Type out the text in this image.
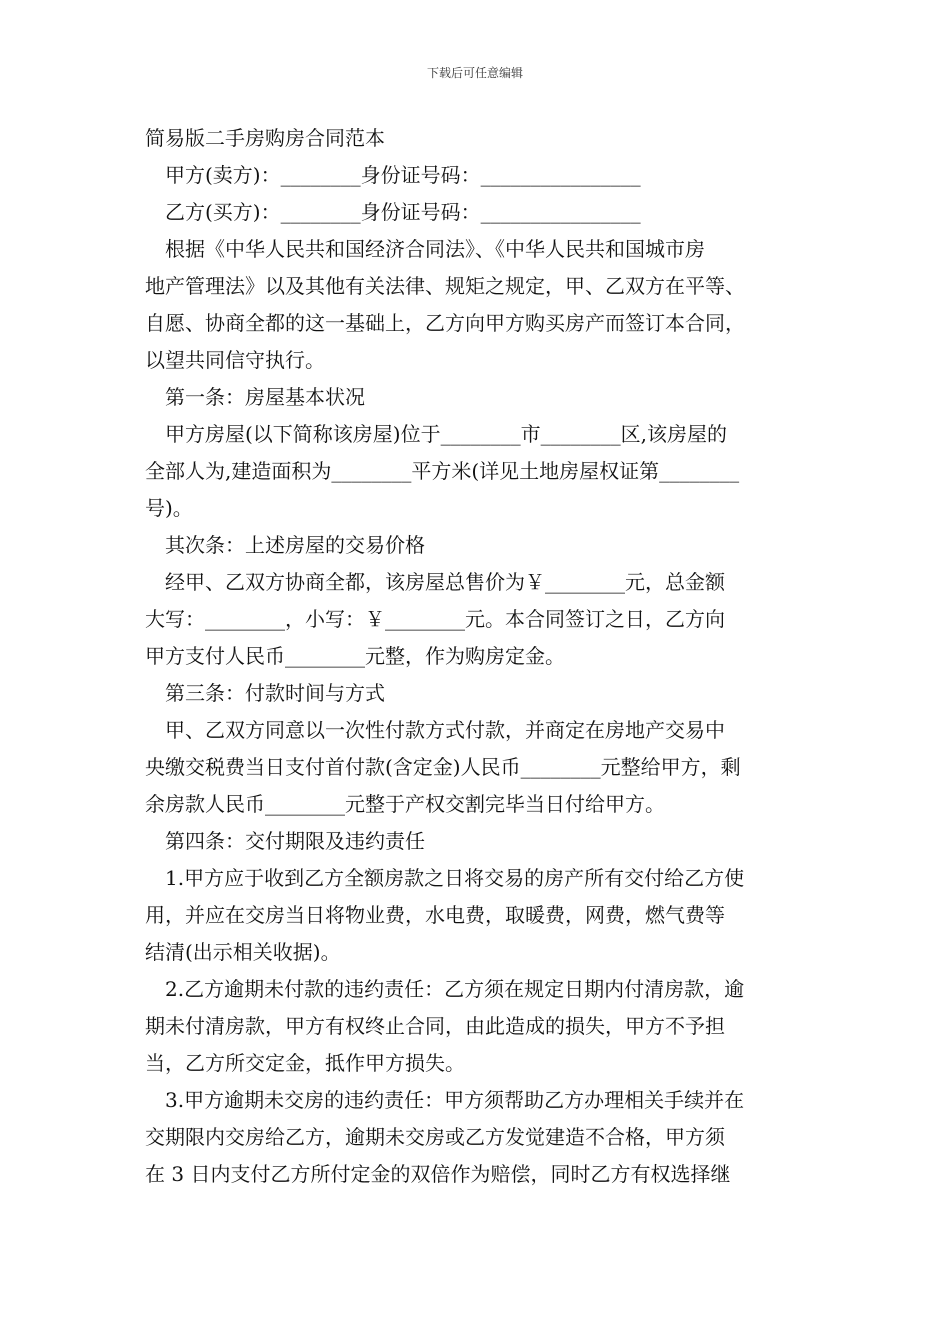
下载后可任意编辑

简易版二手房购房合同范本

甲方(卖方)：________身份证号码：________________

乙方(买方)：________身份证号码：________________

根据《中华人民共和国经济合同法》、《中华人民共和国城市房

地产管理法》以及其他有关法律、规矩之规定，甲、乙双方在平等、

自愿、协商全都的这一基础上，乙方向甲方购买房产而签订本合同，

以望共同信守执行。

第一条：房屋基本状况

甲方房屋(以下简称该房屋)位于________市________区,该房屋的

全部人为,建造面积为________平方米(详见土地房屋权证第________

号)。

其次条：上述房屋的交易价格

经甲、乙双方协商全都，该房屋总售价为￥________元，总金额

大写：________，小写：￥________元。本合同签订之日，乙方向

甲方支付人民币________元整，作为购房定金。

第三条：付款时间与方式

甲、乙双方同意以一次性付款方式付款，并商定在房地产交易中

央缴交税费当日支付首付款(含定金)人民币________元整给甲方，剩

余房款人民币________元整于产权交割完毕当日付给甲方。

第四条：交付期限及违约责任

1.甲方应于收到乙方全额房款之日将交易的房产所有交付给乙方使

用，并应在交房当日将物业费，水电费，取暖费，网费，燃气费等

结清(出示相关收据)。

2.乙方逾期未付款的违约责任：乙方须在规定日期内付清房款，逾

期未付清房款，甲方有权终止合同，由此造成的损失，甲方不予担

当，乙方所交定金，抵作甲方损失。

3.甲方逾期未交房的违约责任：甲方须帮助乙方办理相关手续并在

交期限内交房给乙方，逾期未交房或乙方发觉建造不合格，甲方须

在 3 日内支付乙方所付定金的双倍作为赔偿，同时乙方有权选择继
